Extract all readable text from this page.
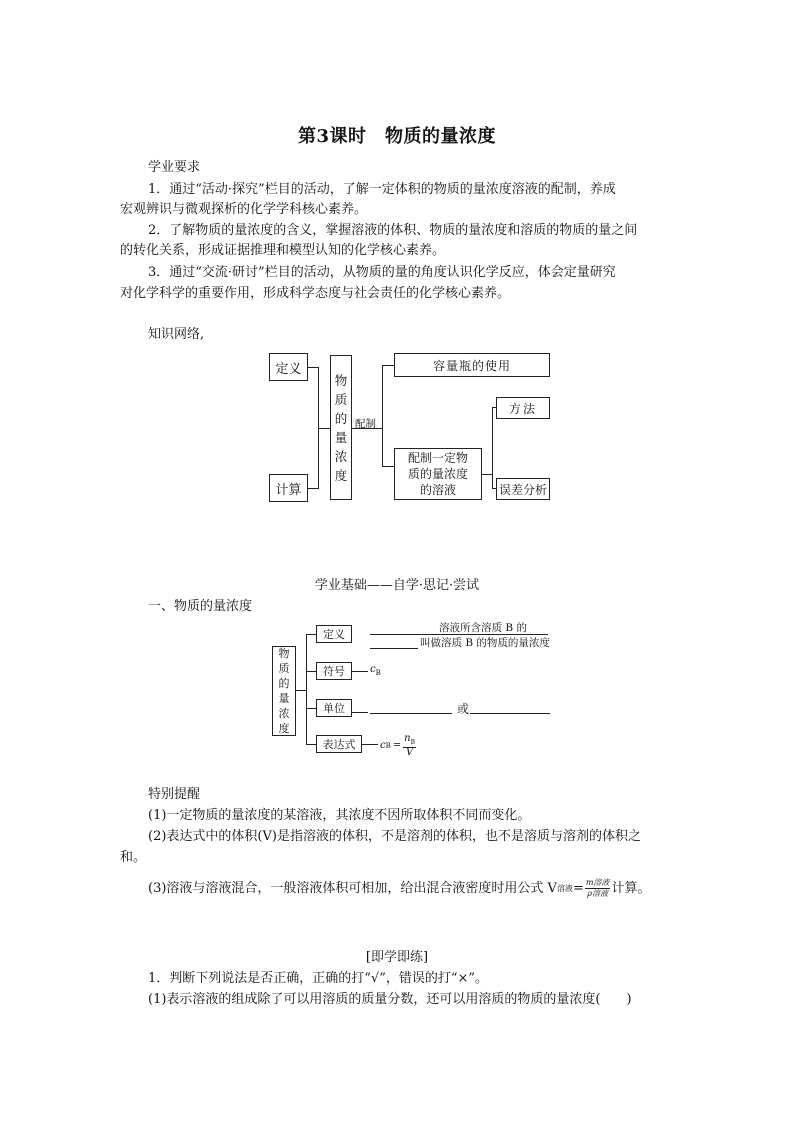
第3课时　物质的量浓度
学业要求
1．通过“活动·探究”栏目的活动，了解一定体积的物质的量浓度溶液的配制，养成
宏观辨识与微观探析的化学学科核心素养。
2．了解物质的量浓度的含义，掌握溶液的体积、物质的量浓度和溶质的物质的量之间
的转化关系，形成证据推理和模型认知的化学核心素养。
3．通过“交流·研讨”栏目的活动，从物质的量的角度认识化学反应，体会定量研究
对化学科学的重要作用，形成科学态度与社会责任的化学核心素养。
知识网络,
定义
计算
物
质
的
量
浓
度
配制
容量瓶的使用
配制一定物
质的量浓度
的溶液
方法
误差分析
学业基础——自学·思记·尝试
一、物质的量浓度
物
质
的
量
浓
度
定义
符号
单位
表达式
溶液所含溶质 B 的
叫做溶质 B 的物质的量浓度
$c_B$
或
c $B = \frac{n_B}{V}$
特别提醒
(1)一定物质的量浓度的某溶液，其浓度不因所取体积不同而变化。
(2)表达式中的体积(V)是指溶液的体积，不是溶剂的体积，也不是溶质与溶剂的体积之
和。
(3)溶液与溶液混合，一般溶液体积可相加，给出混合液密度时用公式 V 溶液 = m溶液
ρ溶液 计算。
[即学即练]
1．判断下列说法是否正确，正确的打“√”，错误的打“×”。
(1)表示溶液的组成除了可以用溶质的质量分数，还可以用溶质的物质的量浓度(　　)
